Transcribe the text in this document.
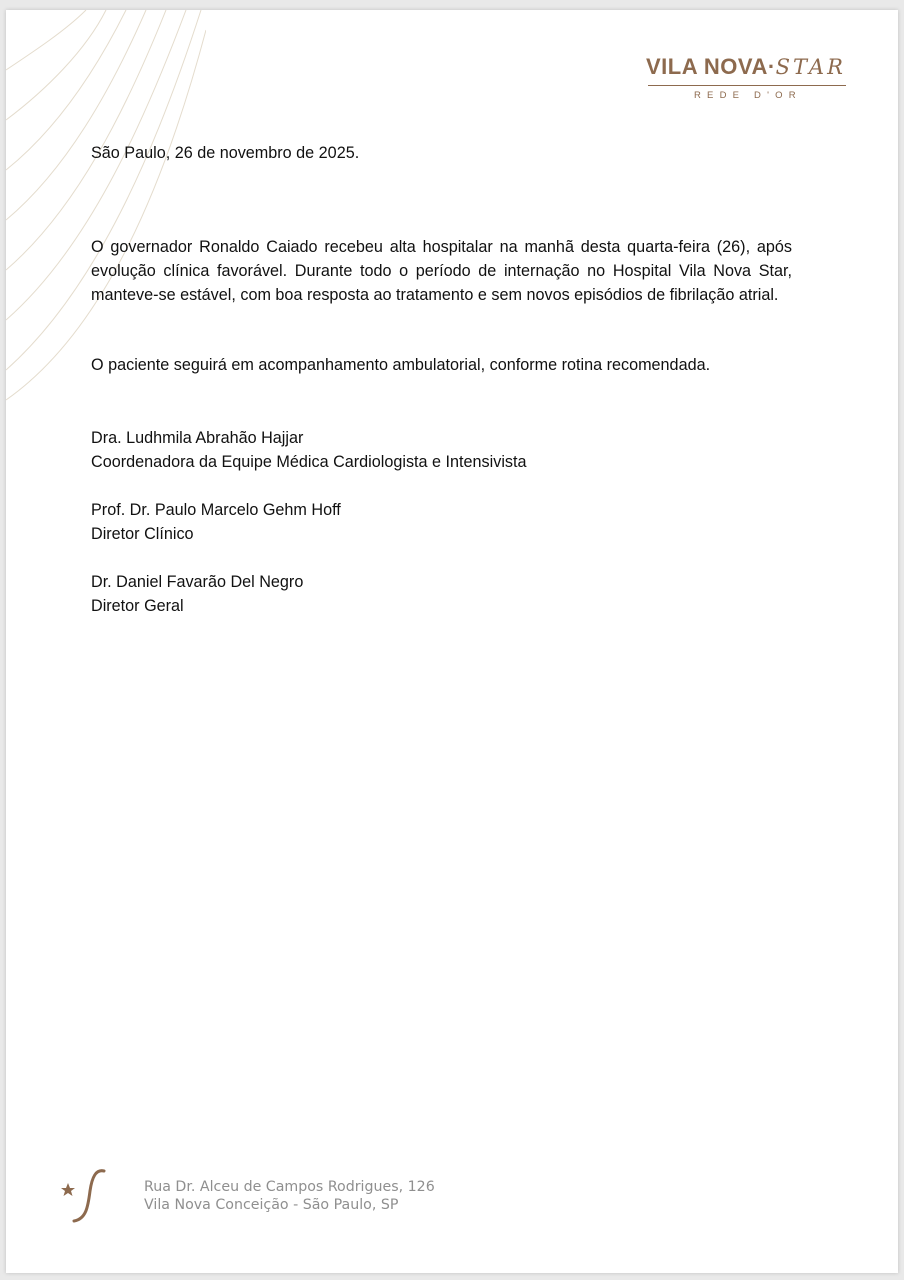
VILA NOVA·STAR
REDE D'OR
São Paulo, 26 de novembro de 2025.
O governador Ronaldo Caiado recebeu alta hospitalar na manhã desta quarta-feira (26), após evolução clínica favorável. Durante todo o período de internação no Hospital Vila Nova Star, manteve-se estável, com boa resposta ao tratamento e sem novos episódios de fibrilação atrial.
O paciente seguirá em acompanhamento ambulatorial, conforme rotina recomendada.
Dra. Ludhmila Abrahão Hajjar
Coordenadora da Equipe Médica Cardiologista e Intensivista
Prof. Dr. Paulo Marcelo Gehm Hoff
Diretor Clínico
Dr. Daniel Favarão Del Negro
Diretor Geral
Rua Dr. Alceu de Campos Rodrigues, 126
Vila Nova Conceição - São Paulo, SP
